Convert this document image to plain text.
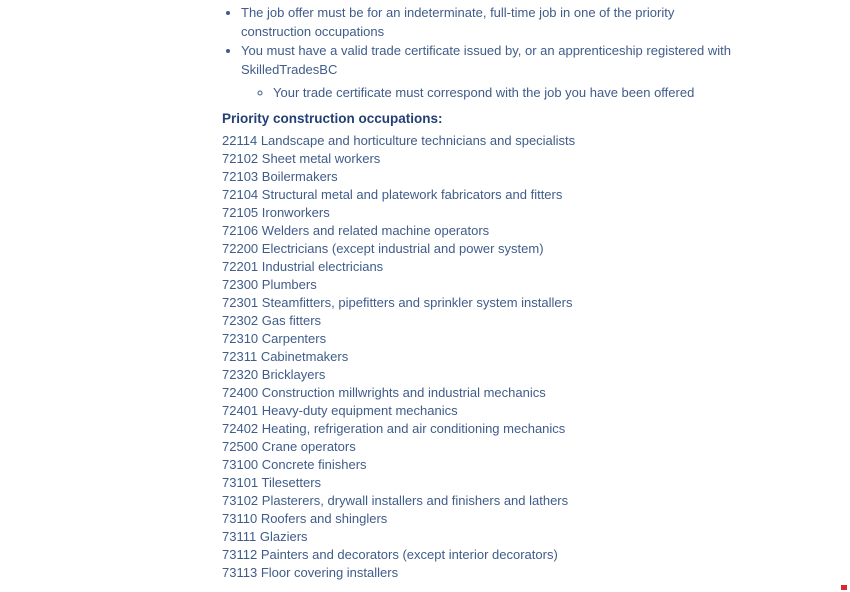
• The job offer must be for an indeterminate, full-time job in one of the priority construction occupations
• You must have a valid trade certificate issued by, or an apprenticeship registered with SkilledTradesBC
◦ Your trade certificate must correspond with the job you have been offered
Priority construction occupations:
22114 Landscape and horticulture technicians and specialists
72102 Sheet metal workers
72103 Boilermakers
72104 Structural metal and platework fabricators and fitters
72105 Ironworkers
72106 Welders and related machine operators
72200 Electricians (except industrial and power system)
72201 Industrial electricians
72300 Plumbers
72301 Steamfitters, pipefitters and sprinkler system installers
72302 Gas fitters
72310 Carpenters
72311 Cabinetmakers
72320 Bricklayers
72400 Construction millwrights and industrial mechanics
72401 Heavy-duty equipment mechanics
72402 Heating, refrigeration and air conditioning mechanics
72500 Crane operators
73100 Concrete finishers
73101 Tilesetters
73102 Plasterers, drywall installers and finishers and lathers
73110 Roofers and shinglers
73111 Glaziers
73112 Painters and decorators (except interior decorators)
73113 Floor covering installers
